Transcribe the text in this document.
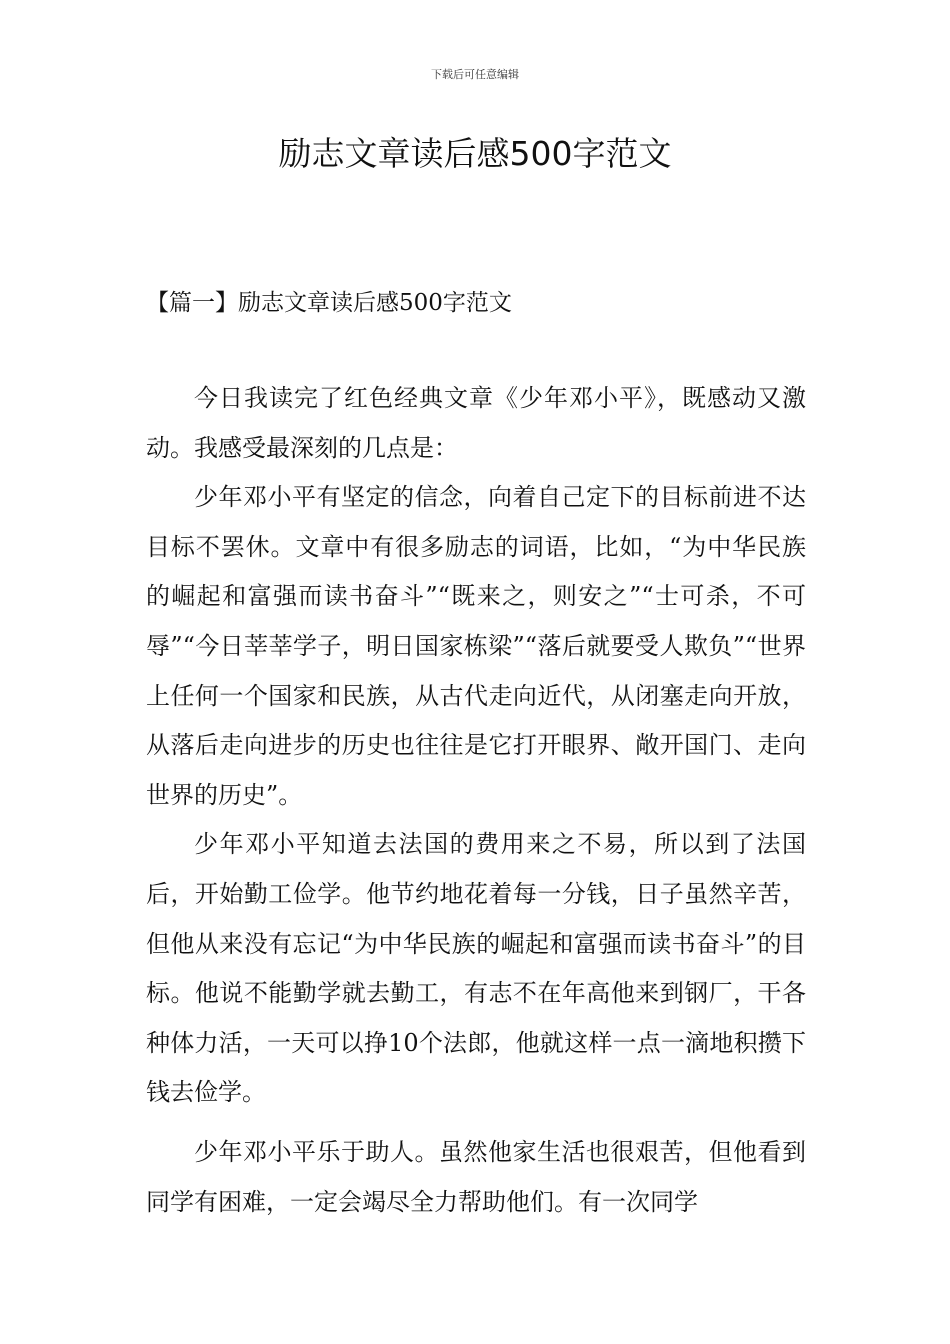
下载后可任意编辑
励志文章读后感500字范文
【篇一】励志文章读后感500字范文

今日我读完了红色经典文章《少年邓小平》，既感动又激动。我感受最深刻的几点是：

少年邓小平有坚定的信念，向着自己定下的目标前进不达目标不罢休。文章中有很多励志的词语，比如，“为中华民族的崛起和富强而读书奋斗”“既来之，则安之”“士可杀，不可辱”“今日莘莘学子，明日国家栋梁”“落后就要受人欺负”“世界上任何一个国家和民族，从古代走向近代，从闭塞走向开放，从落后走向进步的历史也往往是它打开眼界、敞开国门、走向世界的历史”。

少年邓小平知道去法国的费用来之不易，所以到了法国后，开始勤工俭学。他节约地花着每一分钱，日子虽然辛苦，但他从来没有忘记“为中华民族的崛起和富强而读书奋斗”的目标。他说不能勤学就去勤工，有志不在年高他来到钢厂，干各种体力活，一天可以挣10个法郎，他就这样一点一滴地积攒下钱去俭学。

少年邓小平乐于助人。虽然他家生活也很艰苦，但他看到同学有困难，一定会竭尽全力帮助他们。有一次同学
